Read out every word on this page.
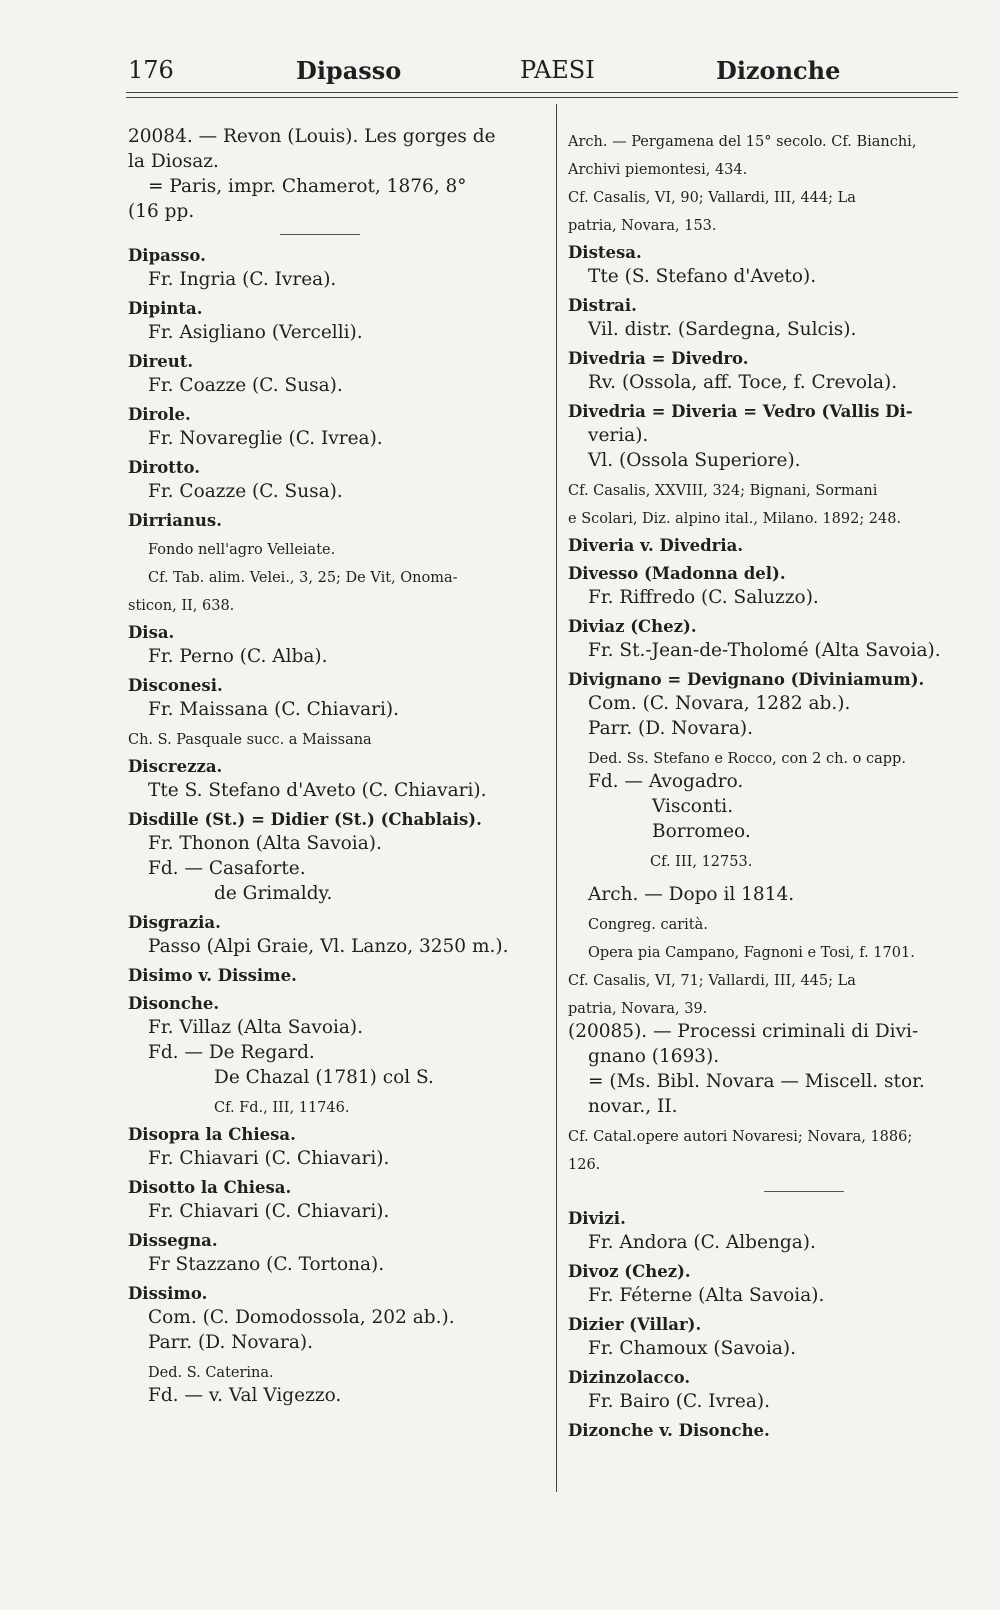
176	Dipasso	PAESI	Dizonche
20084. — Revon (Louis). Les gorges de
la Diosaz.
= Paris, impr. Chamerot, 1876, 8°
(16 pp.
Dipasso.
Fr. Ingria (C. Ivrea).
Dipinta.
Fr. Asigliano (Vercelli).
Direut.
Fr. Coazze (C. Susa).
Dirole.
Fr. Novareglie (C. Ivrea).
Dirotto.
Fr. Coazze (C. Susa).
Dirrianus.
Fondo nell'agro Velleiate.
Cf. Tab. alim. Velei., 3, 25; De Vit, Onoma-
sticon, II, 638.
Disa.
Fr. Perno (C. Alba).
Disconesi.
Fr. Maissana (C. Chiavari).
Ch. S. Pasquale succ. a Maissana
Discrezza.
Tte S. Stefano d'Aveto (C. Chiavari).
Disdille (St.) = Didier (St.) (Chablais).
Fr. Thonon (Alta Savoia).
Fd. — Casaforte.
de Grimaldy.
Disgrazia.
Passo (Alpi Graie, Vl. Lanzo, 3250 m.).
Disimo v. Dissime.
Disonche.
Fr. Villaz (Alta Savoia).
Fd. — De Regard.
De Chazal (1781) col S.
Cf. Fd., III, 11746.
Disopra la Chiesa.
Fr. Chiavari (C. Chiavari).
Disotto la Chiesa.
Fr. Chiavari (C. Chiavari).
Dissegna.
Fr Stazzano (C. Tortona).
Dissimo.
Com. (C. Domodossola, 202 ab.).
Parr. (D. Novara).
Ded. S. Caterina.
Fd. — v. Val Vigezzo.
Arch. — Pergamena del 15° secolo. Cf. Bianchi,
Archivi piemontesi, 434.
Cf. Casalis, VI, 90; Vallardi, III, 444; La
patria, Novara, 153.
Distesa.
Tte (S. Stefano d'Aveto).
Distrai.
Vil. distr. (Sardegna, Sulcis).
Divedria = Divedro.
Rv. (Ossola, aff. Toce, f. Crevola).
Divedria = Diveria = Vedro (Vallis Di-
veria).
Vl. (Ossola Superiore).
Cf. Casalis, XXVIII, 324; Bignani, Sormani
e Scolari, Diz. alpino ital., Milano. 1892; 248.
Diveria v. Divedria.
Divesso (Madonna del).
Fr. Riffredo (C. Saluzzo).
Diviaz (Chez).
Fr. St.-Jean-de-Tholomé (Alta Savoia).
Divignano = Devignano (Diviniamum).
Com. (C. Novara, 1282 ab.).
Parr. (D. Novara).
Ded. Ss. Stefano e Rocco, con 2 ch. o capp.
Fd. — Avogadro.
Visconti.
Borromeo.
Cf. III, 12753.
Arch. — Dopo il 1814.
Congreg. carità.
Opera pia Campano, Fagnoni e Tosi, f. 1701.
Cf. Casalis, VI, 71; Vallardi, III, 445; La
patria, Novara, 39.
(20085). — Processi criminali di Divi-
gnano (1693).
= (Ms. Bibl. Novara — Miscell. stor.
novar., II.
Cf. Catal.opere autori Novaresi; Novara, 1886;
126.
Divizi.
Fr. Andora (C. Albenga).
Divoz (Chez).
Fr. Féterne (Alta Savoia).
Dizier (Villar).
Fr. Chamoux (Savoia).
Dizinzolacco.
Fr. Bairo (C. Ivrea).
Dizonche v. Disonche.
